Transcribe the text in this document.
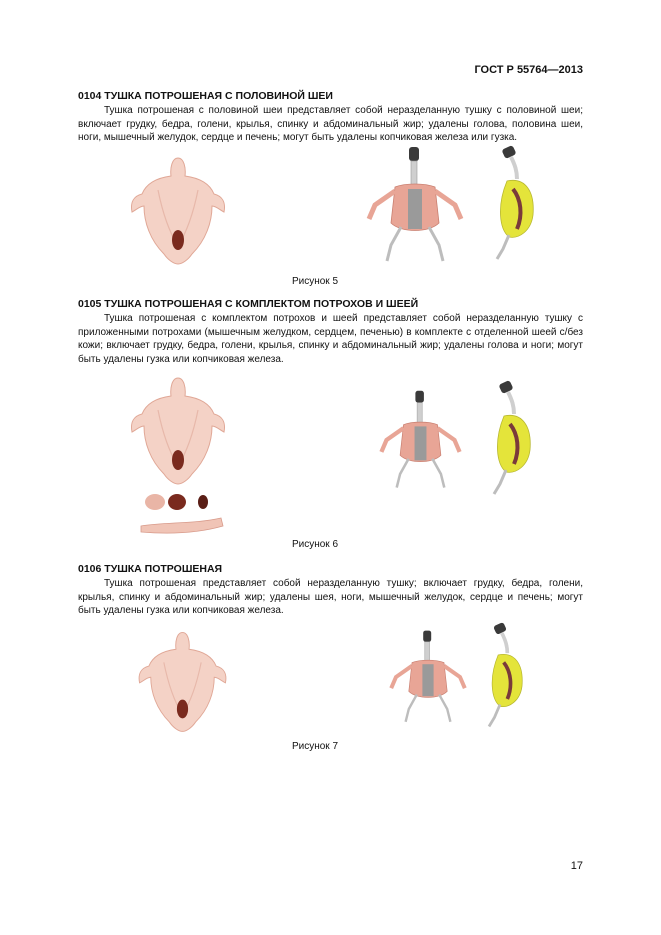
ГОСТ Р 55764—2013
0104 ТУШКА ПОТРОШЕНАЯ С ПОЛОВИНОЙ ШЕИ

Тушка потрошеная с половиной шеи представляет собой неразделанную тушку с половиной шеи; включает грудку, бедра, голени, крылья, спинку и абдоминальный жир; удалены голова, половина шеи, ноги, мышечный желудок, сердце и печень; могут быть удалены копчиковая железа или гузка.

Рисунок 5
0105 ТУШКА ПОТРОШЕНАЯ С КОМПЛЕКТОМ ПОТРОХОВ И ШЕЕЙ

Тушка потрошеная с комплектом потрохов и шеей представляет собой неразделанную тушку с приложенными потрохами (мышечным желудком, сердцем, печенью) в комплекте с отделенной шеей с/без кожи; включает грудку, бедра, голени, крылья, спинку и абдоминальный жир; удалены голова и ноги; могут быть удалены гузка или копчиковая железа.

Рисунок 6
0106 ТУШКА ПОТРОШЕНАЯ

Тушка потрошеная представляет собой неразделанную тушку; включает грудку, бедра, голени, крылья, спинку и абдоминальный жир; удалены шея, ноги, мышечный желудок, сердце и печень; могут быть удалены гузка или копчиковая железа.

Рисунок 7
17
